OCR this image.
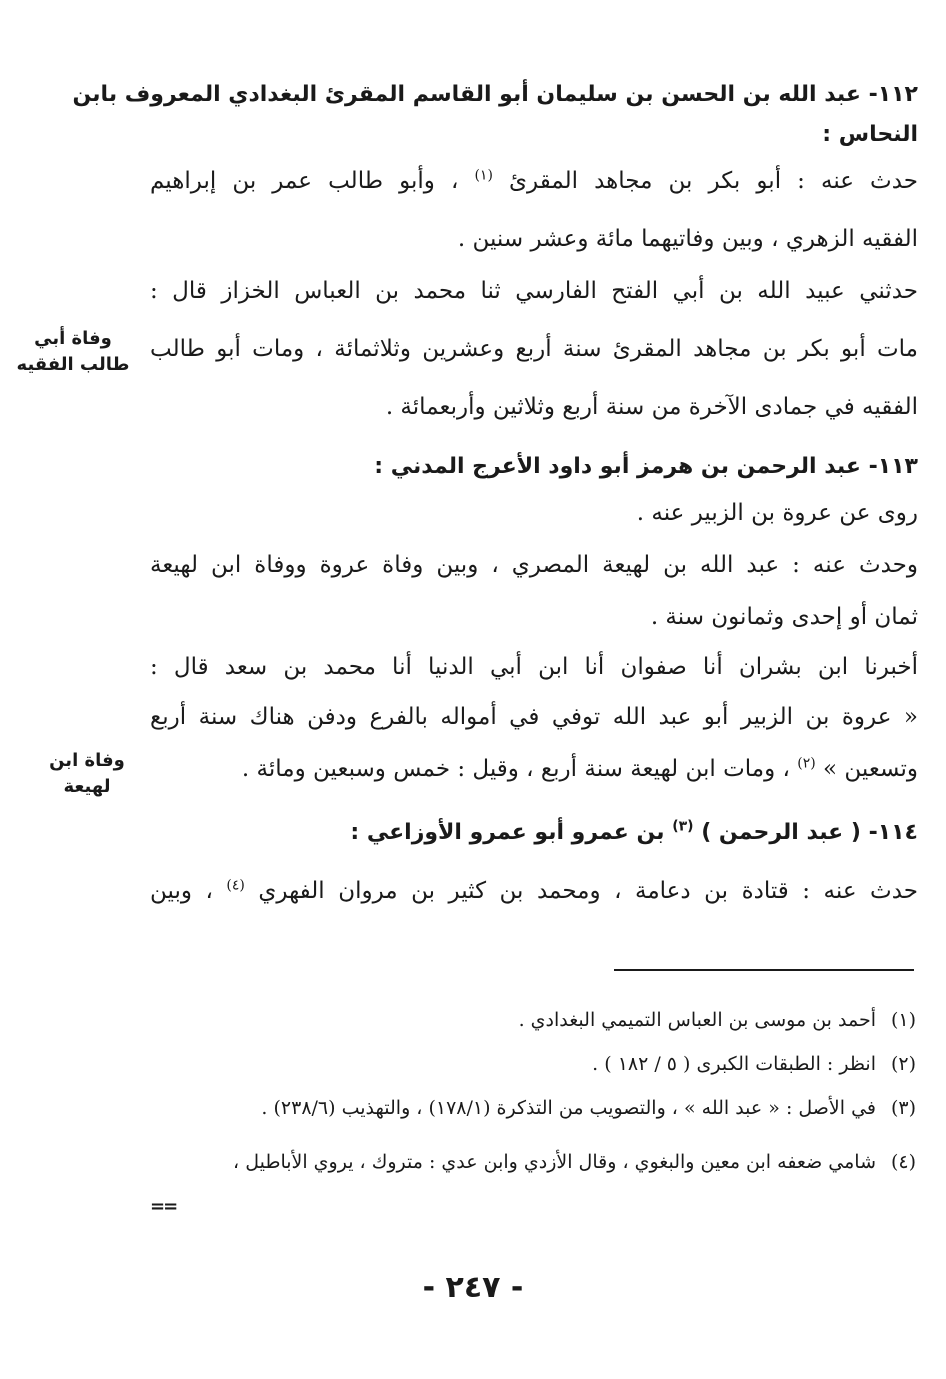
١١٢- عبد الله بن الحسن بن سليمان أبو القاسم المقرئ البغدادي المعروف بابن
النحاس :
حدث عنه : أبو بكر بن مجاهد المقرئ $^{(١)}$ ، وأبو طالب عمر بن إبراهيم
الفقيه الزهري ، وبين وفاتيهما مائة وعشر سنين .
حدثني عبيد الله بن أبي الفتح الفارسي ثنا محمد بن العباس الخزاز قال :
مات أبو بكر بن مجاهد المقرئ سنة أربع وعشرين وثلاثمائة ، ومات أبو طالب
الفقيه في جمادى الآخرة من سنة أربع وثلاثين وأربعمائة .
١١٣- عبد الرحمن بن هرمز أبو داود الأعرج المدني :
روى عن عروة بن الزبير عنه .
وحدث عنه : عبد الله بن لهيعة المصري ، وبين وفاة عروة ووفاة ابن لهيعة
ثمان أو إحدى وثمانون سنة .
أخبرنا ابن بشران أنا صفوان أنا ابن أبي الدنيا أنا محمد بن سعد قال :
« عروة بن الزبير أبو عبد الله توفي في أمواله بالفرع ودفن هناك سنة أربع
وتسعين » $^{(٢)}$ ، ومات ابن لهيعة سنة أربع ، وقيل : خمس وسبعين ومائة .
١١٤- ( عبد الرحمن ) $^{(٣)}$ بن عمرو أبو عمرو الأوزاعي :
حدث عنه : قتادة بن دعامة ، ومحمد بن كثير بن مروان الفهري $^{(٤)}$ ، وبين
وفاة أبي
طالب الفقيه
وفاة ابن
لهيعة
(١)أحمد بن موسى بن العباس التميمي البغدادي .
(٢)انظر : الطبقات الكبرى ( ٥ / ١٨٢ ) .
(٣)في الأصل : « عبد الله » ، والتصويب من التذكرة (١٧٨/١) ، والتهذيب (٢٣٨/٦) .
(٤)شامي ضعفه ابن معين والبغوي ، وقال الأزدي وابن عدي : متروك ، يروي الأباطيل ،
==
- ٢٤٧ -
